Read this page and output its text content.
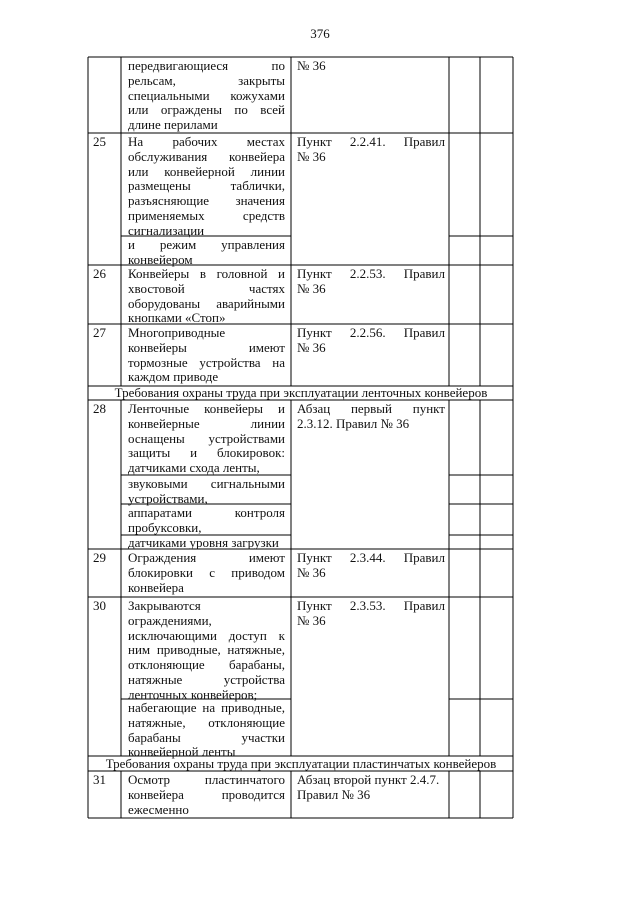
376
передвигающиеся по
рельсам, закрыты
специальными кожухами
или ограждены по всей
длине перилами
№ 36
25 На рабочих местах
обслуживания конвейера
или конвейерной линии
размещены таблички,
разъясняющие значения
применяемых средств
сигнализации
и режим управления
конвейером
Пункт 2.2.41. Правил
№ 36
26 Конвейеры в головной и
хвостовой частях
оборудованы аварийными
кнопками «Стоп»
Пункт 2.2.53. Правил
№ 36
27 Многоприводные
конвейеры имеют
тормозные устройства на
каждом приводе
Пункт 2.2.56. Правил
№ 36
Требования охраны труда при эксплуатации ленточных конвейеров
28 Ленточные конвейеры и
конвейерные линии
оснащены устройствами
защиты и блокировок:
датчиками схода ленты,
звуковыми сигнальными
устройствами,
аппаратами контроля
пробуксовки,
датчиками уровня загрузки
Абзац первый пункт
2.3.12. Правил № 36
29 Ограждения имеют
блокировки с приводом
конвейера
Пункт 2.3.44. Правил
№ 36
30 Закрываются
ограждениями,
исключающими доступ к
ним приводные, натяжные,
отклоняющие барабаны,
натяжные устройства
ленточных конвейеров;
набегающие на приводные,
натяжные, отклоняющие
барабаны участки
конвейерной ленты
Пункт 2.3.53. Правил
№ 36
Требования охраны труда при эксплуатации пластинчатых конвейеров
31 Осмотр пластинчатого
конвейера проводится
ежесменно
Абзац второй пункт 2.4.7.
Правил № 36
